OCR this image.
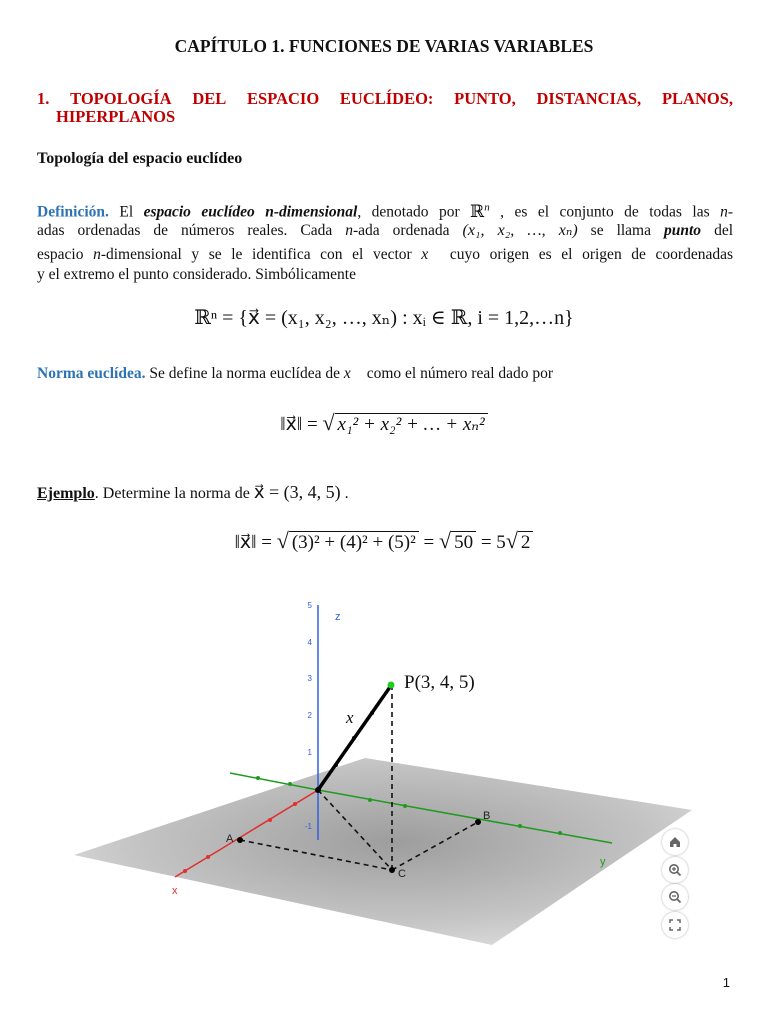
CAPÍTULO 1. FUNCIONES DE VARIAS VARIABLES
1. TOPOLOGÍA DEL ESPACIO EUCLÍDEO: PUNTO, DISTANCIAS, PLANOS,
HIPERPLANOS
Topología del espacio euclídeo
Definición. El espacio euclídeo n-dimensional, denotado por ℝ$^n$ , es el conjunto de todas las n-
adas ordenadas de números reales. Cada n-ada ordenada (x₁, x₂, …, xₙ) se llama punto del
espacio n-dimensional y se le identifica con el vector x⃗ cuyo origen es el origen de coordenadas
y el extremo el punto considerado. Simbólicamente
ℝⁿ = {x⃗ = (x₁, x₂, …, xₙ) : xᵢ ∈ ℝ, i = 1,2,…n}
Norma euclídea. Se define la norma euclídea de x⃗ como el número real dado por
‖x⃗‖ = √ x₁² + x₂² + … + xₙ²
Ejemplo. Determine la norma de x⃗ = (3, 4, 5) .
‖x⃗‖ = √ (3)² + (4)² + (5)² = √ 50 = 5√ 2
5
4
3
2
1
-1
z
x
y
A
B
C
P(3, 4, 5)
x⃗
1
